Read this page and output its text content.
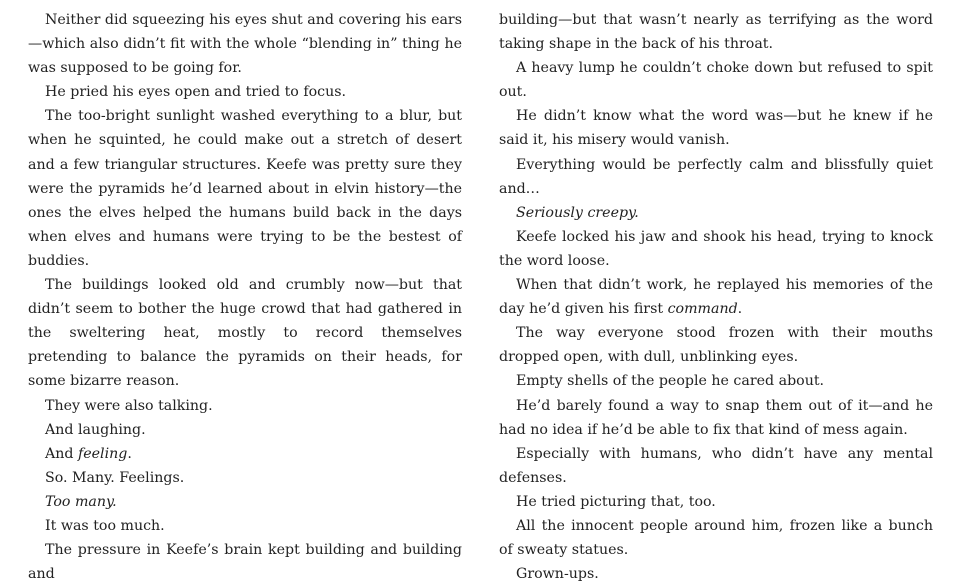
Neither did squeezing his eyes shut and covering his ears—which also didn’t fit with the whole “blending in” thing he was supposed to be going for.

He pried his eyes open and tried to focus.

The too-bright sunlight washed everything to a blur, but when he squinted, he could make out a stretch of desert and a few triangular structures. Keefe was pretty sure they were the pyramids he’d learned about in elvin history—the ones the elves helped the humans build back in the days when elves and humans were trying to be the bestest of buddies.

The buildings looked old and crumbly now—but that didn’t seem to bother the huge crowd that had gathered in the sweltering heat, mostly to record themselves pretending to balance the pyramids on their heads, for some bizarre reason.

They were also talking.

And laughing.

And feeling.

So. Many. Feelings.

Too many.

It was too much.

The pressure in Keefe’s brain kept building and building and

building—but that wasn’t nearly as terrifying as the word taking shape in the back of his throat.

A heavy lump he couldn’t choke down but refused to spit out.

He didn’t know what the word was—but he knew if he said it, his misery would vanish.

Everything would be perfectly calm and blissfully quiet and…

Seriously creepy.

Keefe locked his jaw and shook his head, trying to knock the word loose.

When that didn’t work, he replayed his memories of the day he’d given his first command.

The way everyone stood frozen with their mouths dropped open, with dull, unblinking eyes.

Empty shells of the people he cared about.

He’d barely found a way to snap them out of it—and he had no idea if he’d be able to fix that kind of mess again.

Especially with humans, who didn’t have any mental defenses.

He tried picturing that, too.

All the innocent people around him, frozen like a bunch of sweaty statues.

Grown-ups.
